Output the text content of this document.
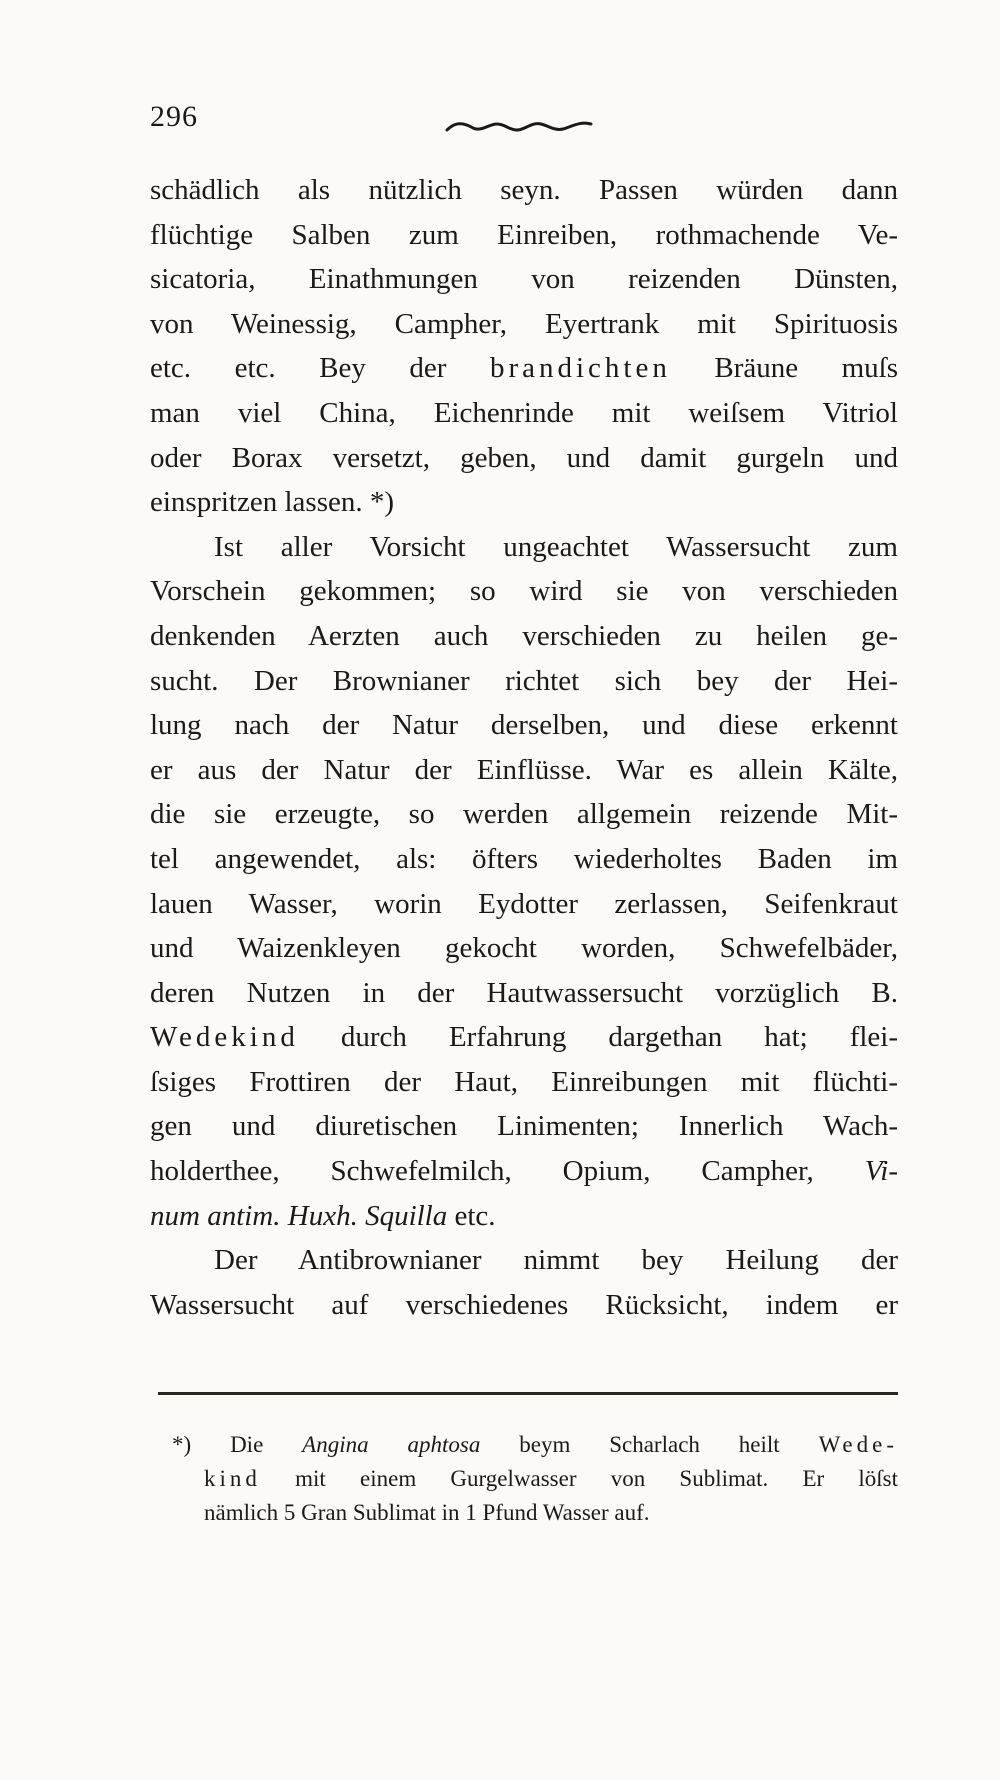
296
schädlich als nützlich seyn. Passen würden dann
flüchtige Salben zum Einreiben, rothmachende Ve-
sicatoria, Einathmungen von reizenden Dünsten,
von Weinessig, Campher, Eyertrank mit Spirituosis
etc. etc. Bey der brandichten Bräune muſs
man viel China, Eichenrinde mit weiſsem Vitriol
oder Borax versetzt, geben, und damit gurgeln und
einspritzen lassen. *)
Ist aller Vorsicht ungeachtet Wassersucht zum
Vorschein gekommen; so wird sie von verschieden
denkenden Aerzten auch verschieden zu heilen ge-
sucht. Der Brownianer richtet sich bey der Hei-
lung nach der Natur derselben, und diese erkennt
er aus der Natur der Einflüsse. War es allein Kälte,
die sie erzeugte, so werden allgemein reizende Mit-
tel angewendet, als: öfters wiederholtes Baden im
lauen Wasser, worin Eydotter zerlassen, Seifenkraut
und Waizenkleyen gekocht worden, Schwefelbäder,
deren Nutzen in der Hautwassersucht vorzüglich B.
Wedekind durch Erfahrung dargethan hat; flei-
ſsiges Frottiren der Haut, Einreibungen mit flüchti-
gen und diuretischen Linimenten; Innerlich Wach-
holderthee, Schwefelmilch, Opium, Campher, Vi-
num antim. Huxh. Squilla etc.
Der Antibrownianer nimmt bey Heilung der
Wassersucht auf verschiedenes Rücksicht, indem er
*) Die Angina aphtosa beym Scharlach heilt Wede-
kind mit einem Gurgelwasser von Sublimat. Er löſst
nämlich 5 Gran Sublimat in 1 Pfund Wasser auf.
